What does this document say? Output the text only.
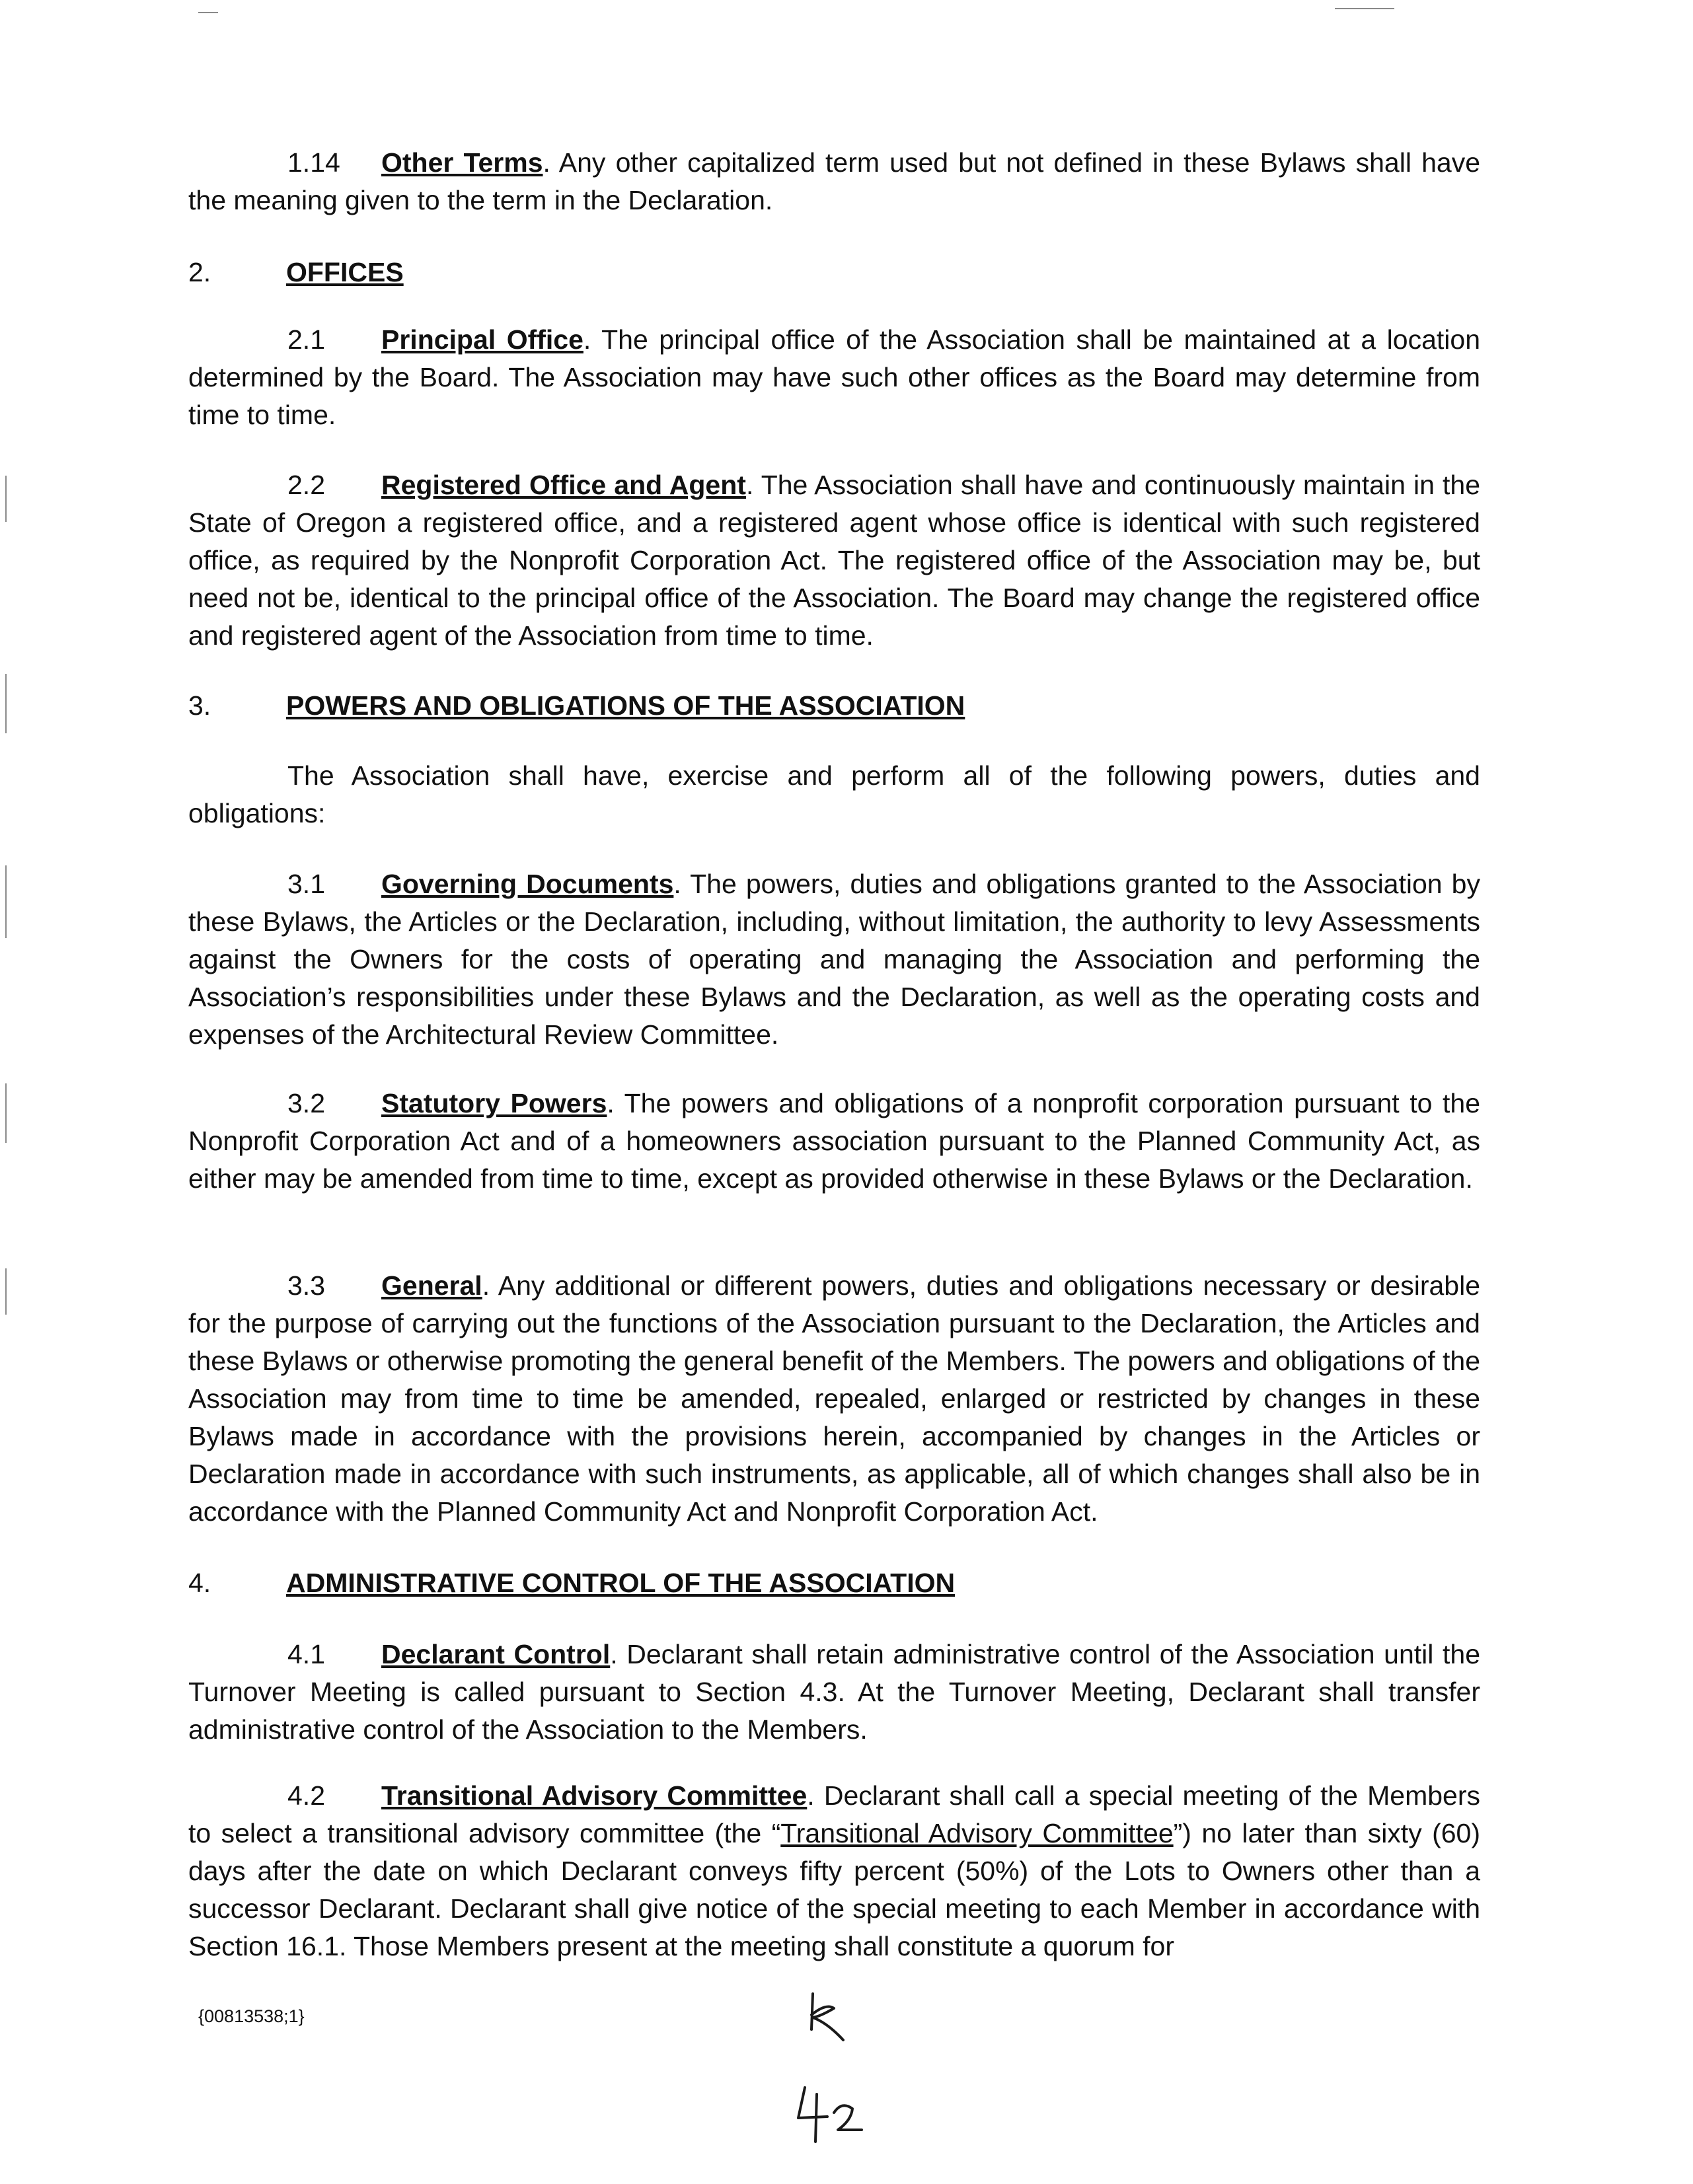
1.14 Other Terms. Any other capitalized term used but not defined in these Bylaws shall have the meaning given to the term in the Declaration.
2.	OFFICES
2.1 Principal Office. The principal office of the Association shall be maintained at a location determined by the Board. The Association may have such other offices as the Board may determine from time to time.
2.2 Registered Office and Agent. The Association shall have and continuously maintain in the State of Oregon a registered office, and a registered agent whose office is identical with such registered office, as required by the Nonprofit Corporation Act. The registered office of the Association may be, but need not be, identical to the principal office of the Association. The Board may change the registered office and registered agent of the Association from time to time.
3.	POWERS AND OBLIGATIONS OF THE ASSOCIATION
The Association shall have, exercise and perform all of the following powers, duties and obligations:
3.1 Governing Documents. The powers, duties and obligations granted to the Association by these Bylaws, the Articles or the Declaration, including, without limitation, the authority to levy Assessments against the Owners for the costs of operating and managing the Association and performing the Association’s responsibilities under these Bylaws and the Declaration, as well as the operating costs and expenses of the Architectural Review Committee.
3.2 Statutory Powers. The powers and obligations of a nonprofit corporation pursuant to the Nonprofit Corporation Act and of a homeowners association pursuant to the Planned Community Act, as either may be amended from time to time, except as provided otherwise in these Bylaws or the Declaration.
3.3 General. Any additional or different powers, duties and obligations necessary or desirable for the purpose of carrying out the functions of the Association pursuant to the Declaration, the Articles and these Bylaws or otherwise promoting the general benefit of the Members. The powers and obligations of the Association may from time to time be amended, repealed, enlarged or restricted by changes in these Bylaws made in accordance with the provisions herein, accompanied by changes in the Articles or Declaration made in accordance with such instruments, as applicable, all of which changes shall also be in accordance with the Planned Community Act and Nonprofit Corporation Act.
4.	ADMINISTRATIVE CONTROL OF THE ASSOCIATION
4.1 Declarant Control. Declarant shall retain administrative control of the Association until the Turnover Meeting is called pursuant to Section 4.3. At the Turnover Meeting, Declarant shall transfer administrative control of the Association to the Members.
4.2 Transitional Advisory Committee. Declarant shall call a special meeting of the Members to select a transitional advisory committee (the “Transitional Advisory Committee”) no later than sixty (60) days after the date on which Declarant conveys fifty percent (50%) of the Lots to Owners other than a successor Declarant. Declarant shall give notice of the special meeting to each Member in accordance with Section 16.1. Those Members present at the meeting shall constitute a quorum for
{00813538;1}
